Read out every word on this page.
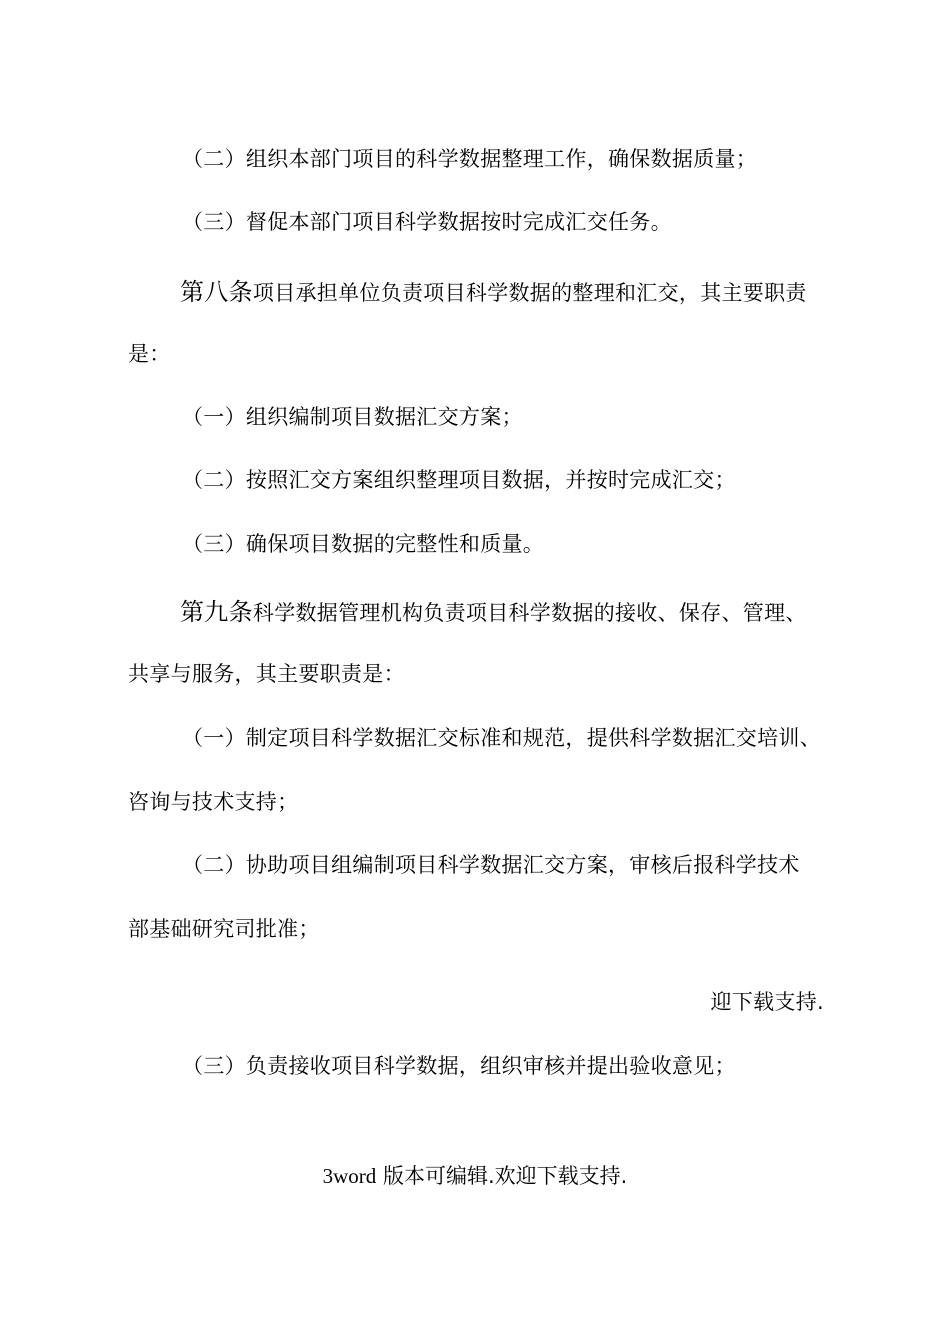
（二）组织本部门项目的科学数据整理工作，确保数据质量；
（三）督促本部门项目科学数据按时完成汇交任务。
第八条项目承担单位负责项目科学数据的整理和汇交，其主要职责
是：
（一）组织编制项目数据汇交方案；
（二）按照汇交方案组织整理项目数据，并按时完成汇交；
（三）确保项目数据的完整性和质量。
第九条科学数据管理机构负责项目科学数据的接收、保存、管理、
共享与服务，其主要职责是：
（一）制定项目科学数据汇交标准和规范，提供科学数据汇交培训、
咨询与技术支持；
（二）协助项目组编制项目科学数据汇交方案，审核后报科学技术
部基础研究司批准；
迎下载支持.
（三）负责接收项目科学数据，组织审核并提出验收意见；
3word 版本可编辑.欢迎下载支持.
